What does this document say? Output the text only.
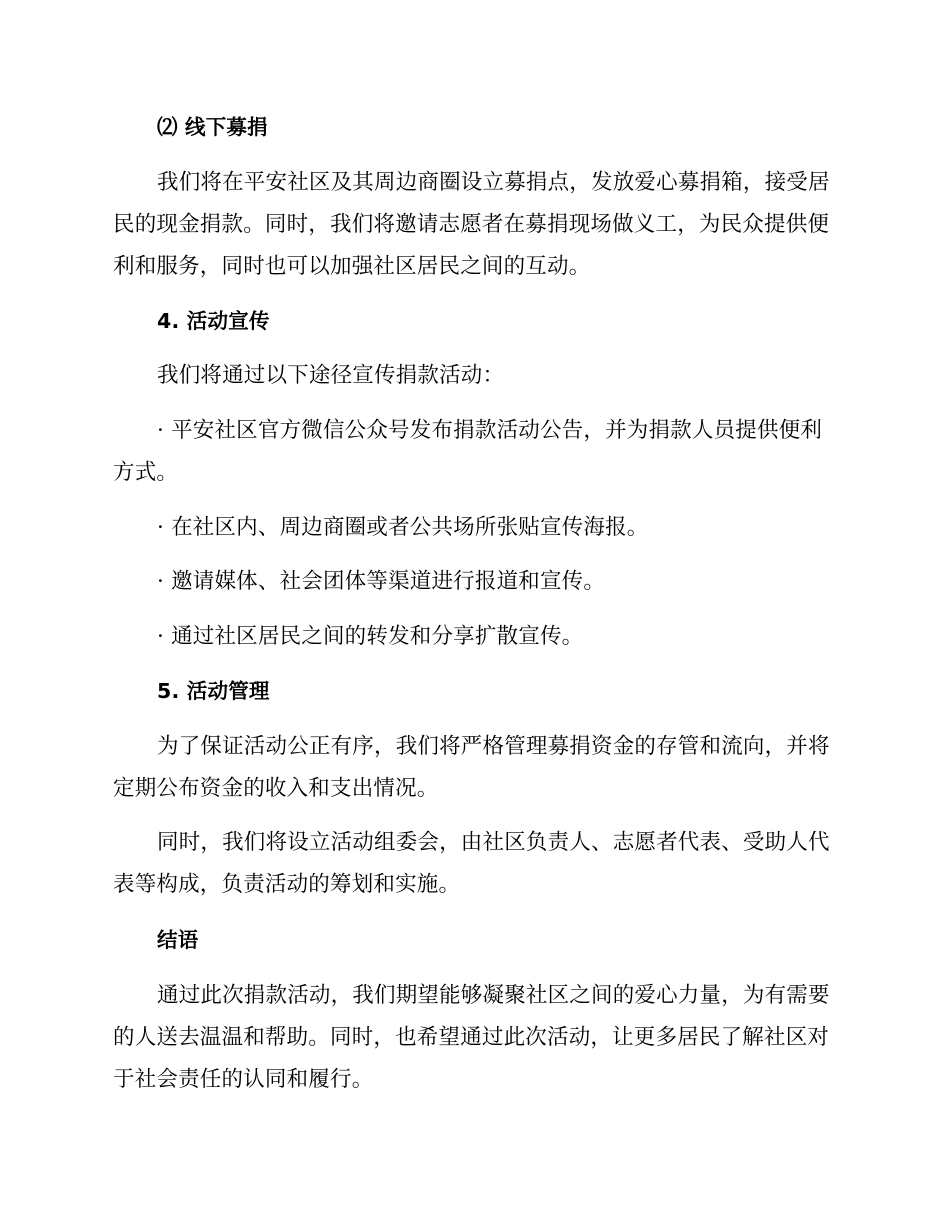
⑵ 线下募捐

我们将在平安社区及其周边商圈设立募捐点，发放爱心募捐箱，接受居民的现金捐款。同时，我们将邀请志愿者在募捐现场做义工，为民众提供便利和服务，同时也可以加强社区居民之间的互动。

4. 活动宣传

我们将通过以下途径宣传捐款活动：

· 平安社区官方微信公众号发布捐款活动公告，并为捐款人员提供便利方式。

· 在社区内、周边商圈或者公共场所张贴宣传海报。

· 邀请媒体、社会团体等渠道进行报道和宣传。

· 通过社区居民之间的转发和分享扩散宣传。

5. 活动管理

为了保证活动公正有序，我们将严格管理募捐资金的存管和流向，并将定期公布资金的收入和支出情况。

同时，我们将设立活动组委会，由社区负责人、志愿者代表、受助人代表等构成，负责活动的筹划和实施。

结语

通过此次捐款活动，我们期望能够凝聚社区之间的爱心力量，为有需要的人送去温温和帮助。同时，也希望通过此次活动，让更多居民了解社区对于社会责任的认同和履行。
